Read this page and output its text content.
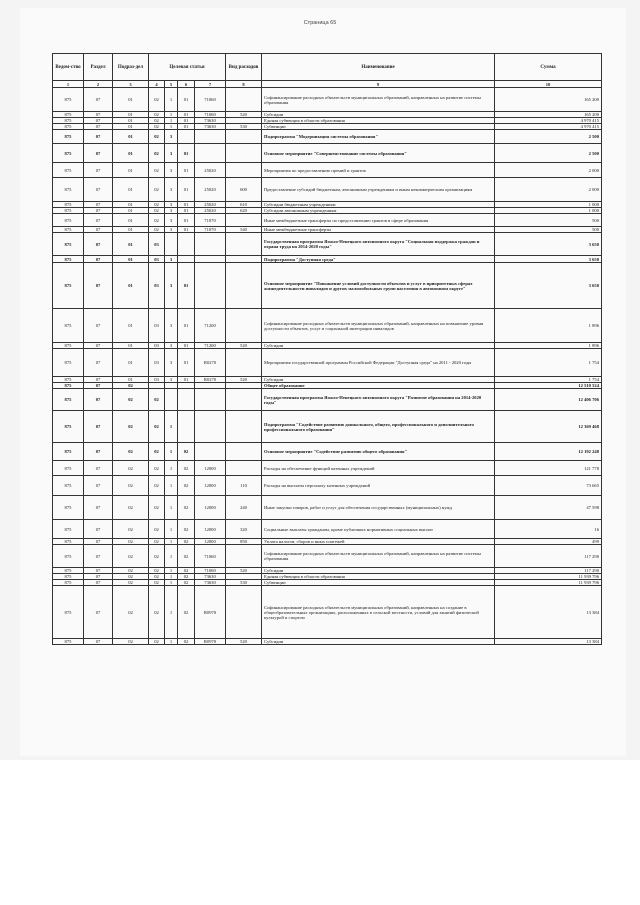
Страница 65
Ведом-ство	Раздел	Подраз-дел	Целевая статья				Вид расходов	Наименование	Сумма
1	2	3	4	5	6	7	8	9	10
875	07	01	02	1	01	71060		Софинансирование расходных обязательств муниципальных образований, направленных на развитие системы образования	165 200
875	07	01	02	1	01	71060	520	Субсидии	165 200
875	07	01	02	1	01	73630		Единая субвенция в области образования	4 970 415
875	07	01	02	1	01	73630	530	Субвенции	4 970 415
875	07	01	02	3				Подпрограмма "Модернизация системы образования"	2 500
875	07	01	02	3	01			Основное мероприятие "Совершенствование системы образования"	2 500
875	07	01	02	3	01	25020		Мероприятия по предоставлению премий и грантов	2 000
875	07	01	02	3	01	25020	600	Предоставление субсидий бюджетным, автономным учреждениям и иным некоммерческим организациям	2 000
875	07	01	02	3	01	25020	610	Субсидии бюджетным учреждениям	1 000
875	07	01	02	3	01	25020	620	Субсидии автономным учреждениям	1 000
875	07	01	02	3	01	71070		Иные межбюджетные трансферты по предоставлению грантов в сфере образования	500
875	07	01	02	3	01	71070	540	Иные межбюджетные трансферты	500
875	07	01	03					Государственная программа Ямало-Ненецкого автономного округа "Социальная поддержка граждан и охрана труда на 2014-2020 годы"	3 650
875	07	01	03	3				Подпрограмма "Доступная среда"	3 650
875	07	01	03	3	01			Основное мероприятие "Повышение условий доступности объектов и услуг в приоритетных сферах жизнедеятельности инвалидов и других маломобильных групп населения в автономном округе"	3 650
875	07	01	03	3	01	71200		Софинансирование расходных обязательств муниципальных образований, направленных на повышение уровня доступности объектов, услуг и социальной интеграции инвалидов	1 896
875	07	01	03	3	01	71200	520	Субсидии	1 896
875	07	01	03	3	01	R0270		Мероприятия государственной программы Российской Федерации "Доступная среда" на 2011 - 2020 годы	1 754
875	07	01	03	3	01	R0270	520	Субсидии	1 754
875	07	02						Общее образование	12 510 524
875	07	02	02					Государственная программа Ямало-Ненецкого автономного округа "Развитие образования на 2014-2020 годы"	12 406 706
875	07	02	02	1				Подпрограмма "Содействие развитию дошкольного, общего, профессионального и дополнительного профессионального образования"	12 369 468
875	07	02	02	1	02			Основное мероприятие "Содействие развитию общего образования"	12 192 248
875	07	02	02	1	02	12000		Расходы на обеспечение функций казенных учреждений	121 778
875	07	02	02	1	02	12000	110	Расходы на выплаты персоналу казенных учреждений	73 665
875	07	02	02	1	02	12000	240	Иные закупки товаров, работ и услуг для обеспечения государственных (муниципальных) нужд	47 598
875	07	02	02	1	02	12000	320	Социальные выплаты гражданам, кроме публичных нормативных социальных выплат	16
875	07	02	02	1	02	12000	850	Уплата налогов, сборов и иных платежей	499
875	07	02	02	1	02	71060		Софинансирование расходных обязательств муниципальных образований, направленных на развитие системы образования	117 290
875	07	02	02	1	02	71060	520	Субсидии	117 290
875	07	02	02	1	02	73630		Единая субвенция в области образования	11 939 796
875	07	02	02	1	02	73630	530	Субвенции	11 939 796
875	07	02	02	1	02	R0970		Софинансирование расходных обязательств муниципальных образований, направленных на создание в общеобразовательных организациях, расположенных в сельской местности, условий для занятий физической культурой и спортом	13 384
875	07	02	02	1	02	R0970	520	Субсидии	13 384
